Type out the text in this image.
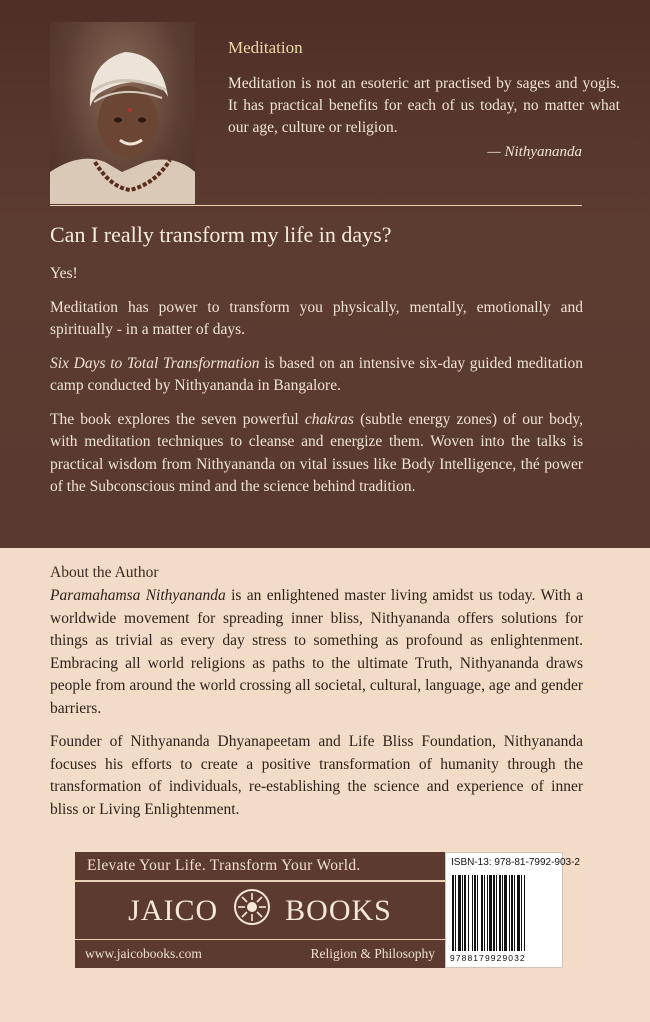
Meditation
Meditation is not an esoteric art practised by sages and yogis. It has practical benefits for each of us today, no matter what our age, culture or religion.
— Nithyananda
Can I really transform my life in days?

Yes!

Meditation has power to transform you physically, mentally, emotionally and spiritually - in a matter of days.

Six Days to Total Transformation is based on an intensive six-day guided meditation camp conducted by Nithyananda in Bangalore.

The book explores the seven powerful chakras (subtle energy zones) of our body, with meditation techniques to cleanse and energize them. Woven into the talks is practical wisdom from Nithyananda on vital issues like Body Intelligence, thé power of the Subconscious mind and the science behind tradition.

About the Author

Paramahamsa Nithyananda is an enlightened master living amidst us today. With a worldwide movement for spreading inner bliss, Nithyananda offers solutions for things as trivial as every day stress to something as profound as enlightenment. Embracing all world religions as paths to the ultimate Truth, Nithyananda draws people from around the world crossing all societal, cultural, language, age and gender barriers.

Founder of Nithyananda Dhyanapeetam and Life Bliss Foundation, Nithyananda focuses his efforts to create a positive transformation of humanity through the transformation of individuals, re-establishing the science and experience of inner bliss or Living Enlightenment.

Elevate Your Life. Transform Your World.
JAICO BOOKS
www.jaicobooks.com	Religion & Philosophy
ISBN-13: 978-81-7992-903-2
9788179929032
